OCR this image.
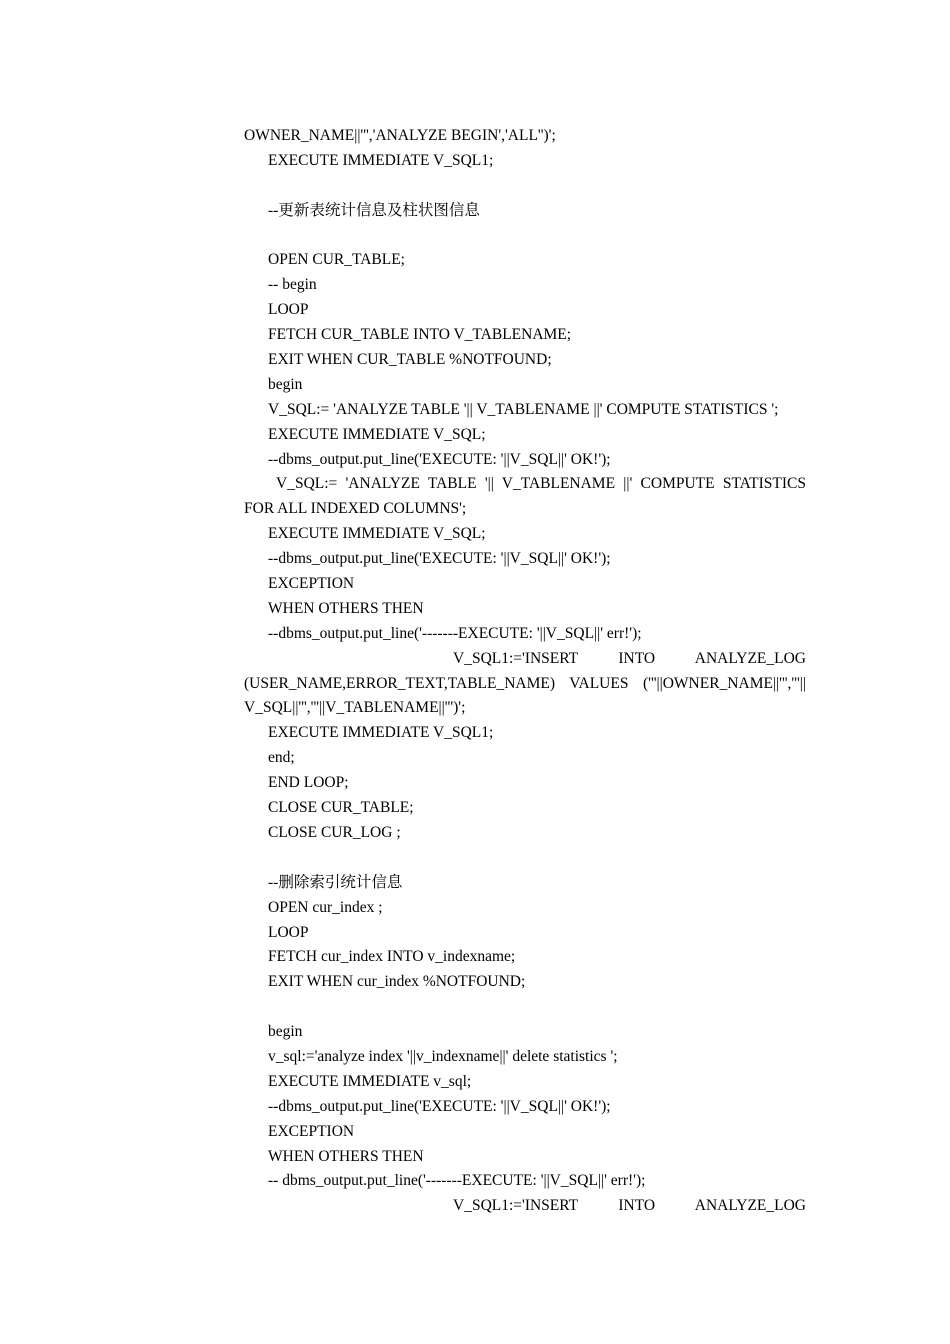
OWNER_NAME||''','ANALYZE BEGIN','ALL'')';
EXECUTE IMMEDIATE V_SQL1;
--更新表统计信息及柱状图信息
OPEN CUR_TABLE;
-- begin
LOOP
FETCH CUR_TABLE INTO V_TABLENAME;
EXIT WHEN CUR_TABLE %NOTFOUND;
begin
V_SQL:= 'ANALYZE TABLE '|| V_TABLENAME ||' COMPUTE STATISTICS ';
EXECUTE IMMEDIATE V_SQL;
--dbms_output.put_line('EXECUTE: '||V_SQL||' OK!');
V_SQL:= 'ANALYZE TABLE '|| V_TABLENAME ||' COMPUTE STATISTICS
FOR ALL INDEXED COLUMNS';
EXECUTE IMMEDIATE V_SQL;
--dbms_output.put_line('EXECUTE: '||V_SQL||' OK!');
EXCEPTION
WHEN OTHERS THEN
--dbms_output.put_line('-------EXECUTE: '||V_SQL||' err!');
V_SQL1:='INSERT INTO ANALYZE_LOG
(USER_NAME,ERROR_TEXT,TABLE_NAME) VALUES ('''||OWNER_NAME||''','''||
V_SQL||''','''||V_TABLENAME||''')';
EXECUTE IMMEDIATE V_SQL1;
end;
END LOOP;
CLOSE CUR_TABLE;
CLOSE CUR_LOG ;
--删除索引统计信息
OPEN cur_index ;
LOOP
FETCH cur_index INTO v_indexname;
EXIT WHEN cur_index %NOTFOUND;
begin
v_sql:='analyze index '||v_indexname||' delete statistics ';
EXECUTE IMMEDIATE v_sql;
--dbms_output.put_line('EXECUTE: '||V_SQL||' OK!');
EXCEPTION
WHEN OTHERS THEN
-- dbms_output.put_line('-------EXECUTE: '||V_SQL||' err!');
V_SQL1:='INSERT INTO ANALYZE_LOG
